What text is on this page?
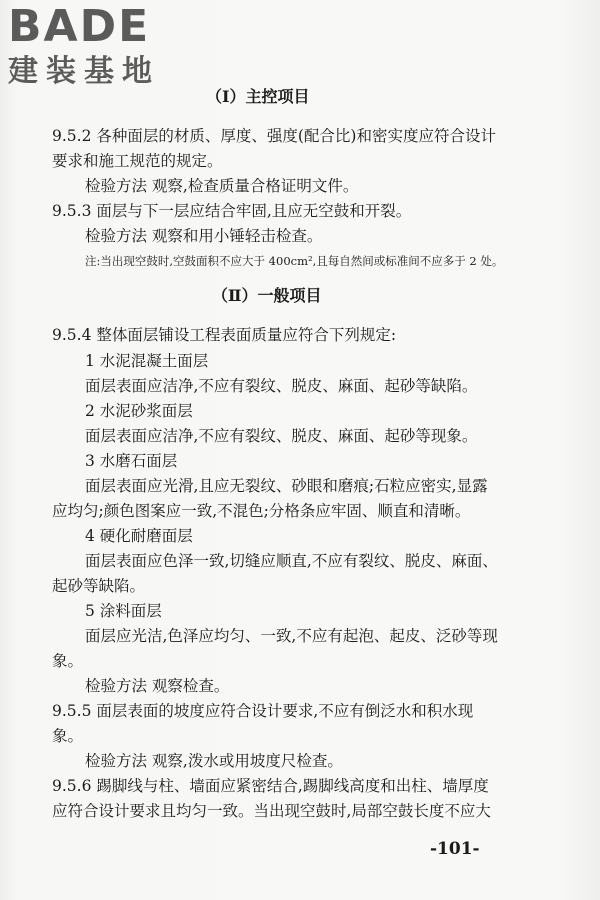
BADE
建装基地
（Ⅰ）主控项目
9.5.2 各种面层的材质、厚度、强度(配合比)和密实度应符合设计
要求和施工规范的规定。
检验方法 观察,检查质量合格证明文件。
9.5.3 面层与下一层应结合牢固,且应无空鼓和开裂。
检验方法 观察和用小锤轻击检查。
注:当出现空鼓时,空鼓面积不应大于 400cm²,且每自然间或标准间不应多于 2 处。
（Ⅱ）一般项目
9.5.4 整体面层铺设工程表面质量应符合下列规定:
1 水泥混凝土面层
面层表面应洁净,不应有裂纹、脱皮、麻面、起砂等缺陷。
2 水泥砂浆面层
面层表面应洁净,不应有裂纹、脱皮、麻面、起砂等现象。
3 水磨石面层
面层表面应光滑,且应无裂纹、砂眼和磨痕;石粒应密实,显露
应均匀;颜色图案应一致,不混色;分格条应牢固、顺直和清晰。
4 硬化耐磨面层
面层表面应色泽一致,切缝应顺直,不应有裂纹、脱皮、麻面、
起砂等缺陷。
5 涂料面层
面层应光洁,色泽应均匀、一致,不应有起泡、起皮、泛砂等现
象。
检验方法 观察检查。
9.5.5 面层表面的坡度应符合设计要求,不应有倒泛水和积水现
象。
检验方法 观察,泼水或用坡度尺检查。
9.5.6 踢脚线与柱、墙面应紧密结合,踢脚线高度和出柱、墙厚度
应符合设计要求且均匀一致。当出现空鼓时,局部空鼓长度不应大
-101-
